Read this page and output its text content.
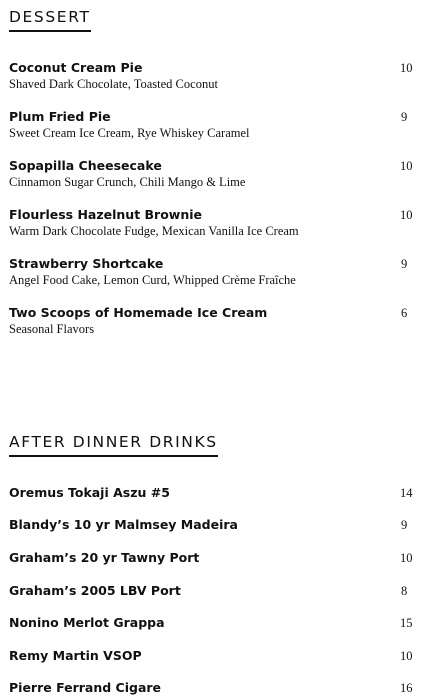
DESSERT
Coconut Cream Pie
Shaved Dark Chocolate, Toasted Coconut
10
Plum Fried Pie
Sweet Cream Ice Cream, Rye Whiskey Caramel
9
Sopapilla Cheesecake
Cinnamon Sugar Crunch, Chili Mango & Lime
10
Flourless Hazelnut Brownie
Warm Dark Chocolate Fudge, Mexican Vanilla Ice Cream
10
Strawberry Shortcake
Angel Food Cake, Lemon Curd, Whipped Crème Fraîche
9
Two Scoops of Homemade Ice Cream
Seasonal Flavors
6
AFTER DINNER DRINKS
Oremus Tokaji Aszu #5	14
Blandy’s 10 yr Malmsey Madeira	9
Graham’s 20 yr Tawny Port	10
Graham’s 2005 LBV Port	8
Nonino Merlot Grappa	15
Remy Martin VSOP	10
Pierre Ferrand Cigare	16
